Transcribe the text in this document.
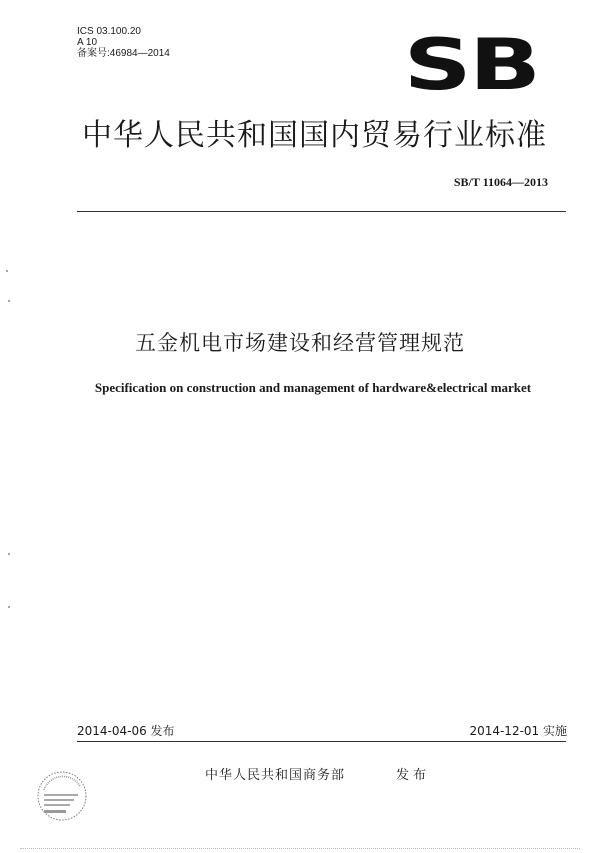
ICS 03.100.20
A 10
备案号:46984—2014	SB
中华人民共和国国内贸易行业标准
SB/T 11064—2013
五金机电市场建设和经营管理规范
Specification on construction and management of hardware&electrical market
2014-04-06 发布	2014-12-01 实施
中华人民共和国商务部	发布
